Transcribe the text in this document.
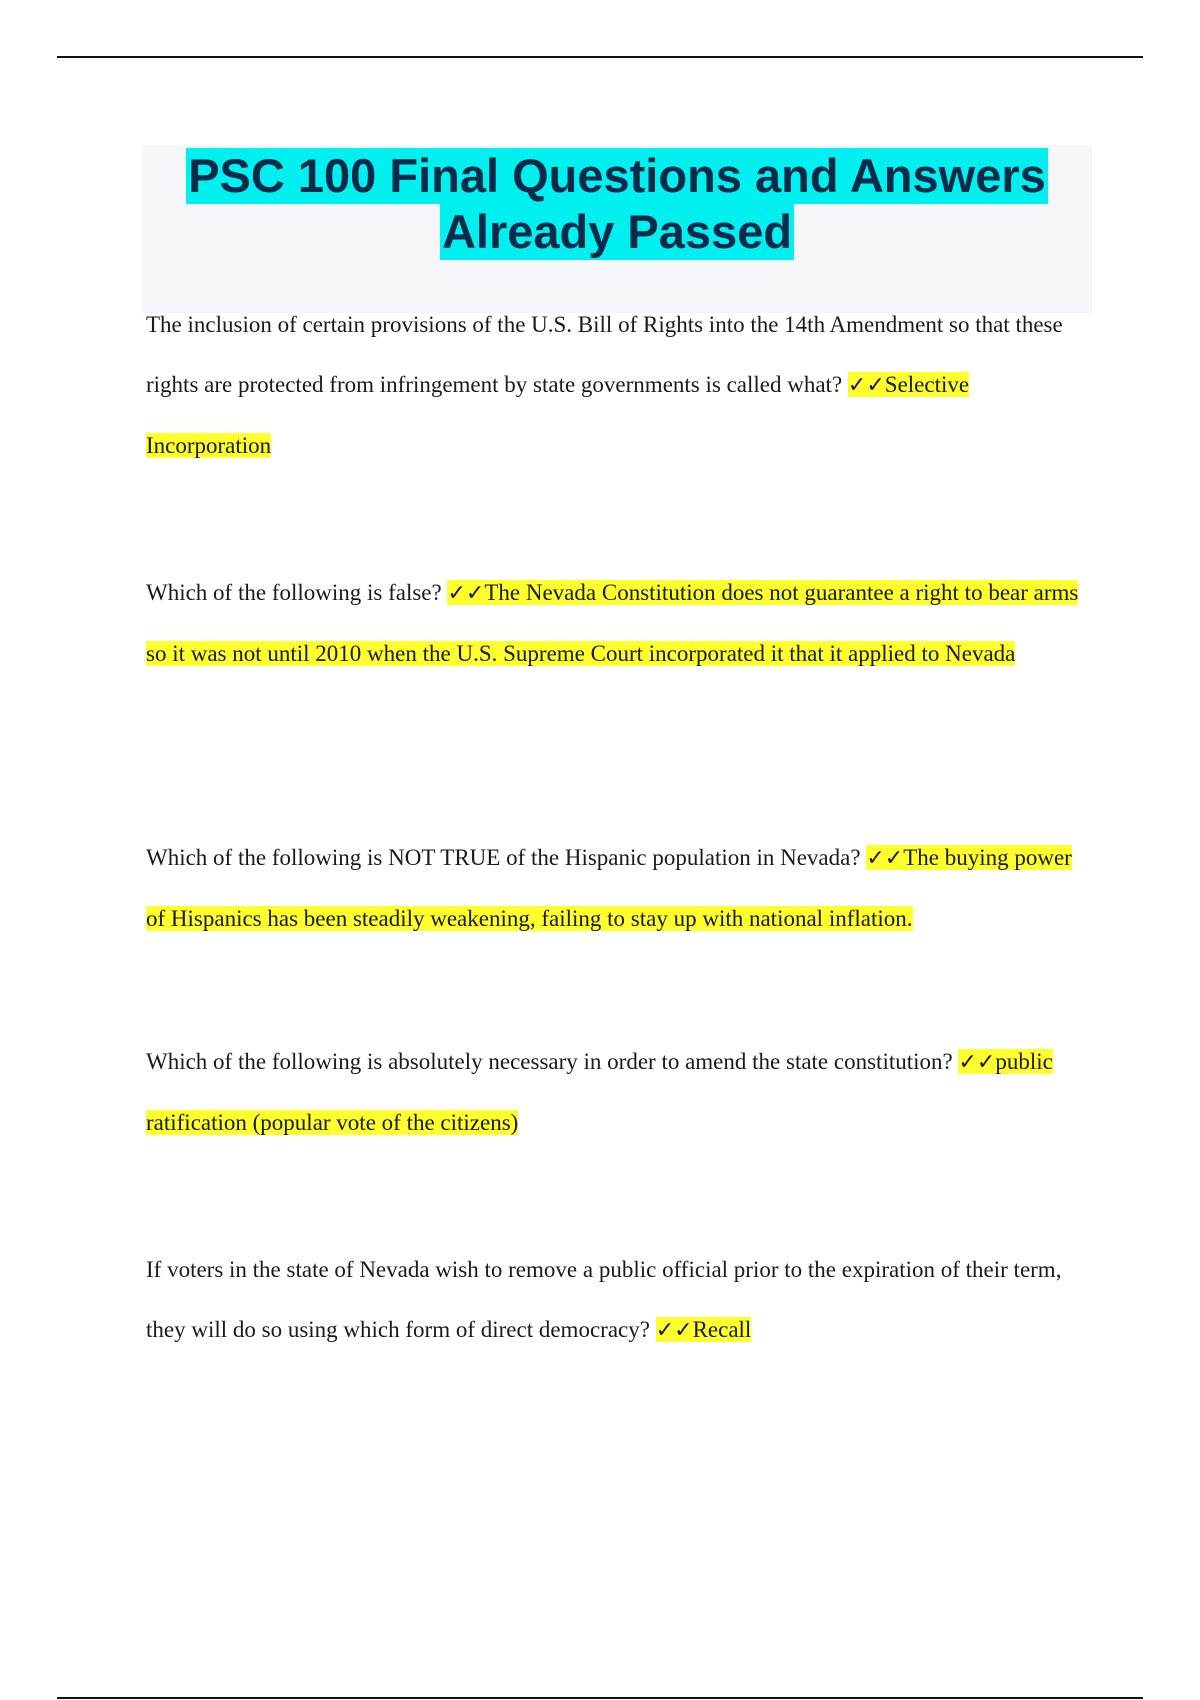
PSC 100 Final Questions and Answers
Already Passed

The inclusion of certain provisions of the U.S. Bill of Rights into the 14th Amendment so that these rights are protected from infringement by state governments is called what? ✓✓Selective Incorporation

Which of the following is false? ✓✓The Nevada Constitution does not guarantee a right to bear arms so it was not until 2010 when the U.S. Supreme Court incorporated it that it applied to Nevada

Which of the following is NOT TRUE of the Hispanic population in Nevada? ✓✓The buying power of Hispanics has been steadily weakening, failing to stay up with national inflation.

Which of the following is absolutely necessary in order to amend the state constitution? ✓✓public ratification (popular vote of the citizens)

If voters in the state of Nevada wish to remove a public official prior to the expiration of their term, they will do so using which form of direct democracy? ✓✓Recall
